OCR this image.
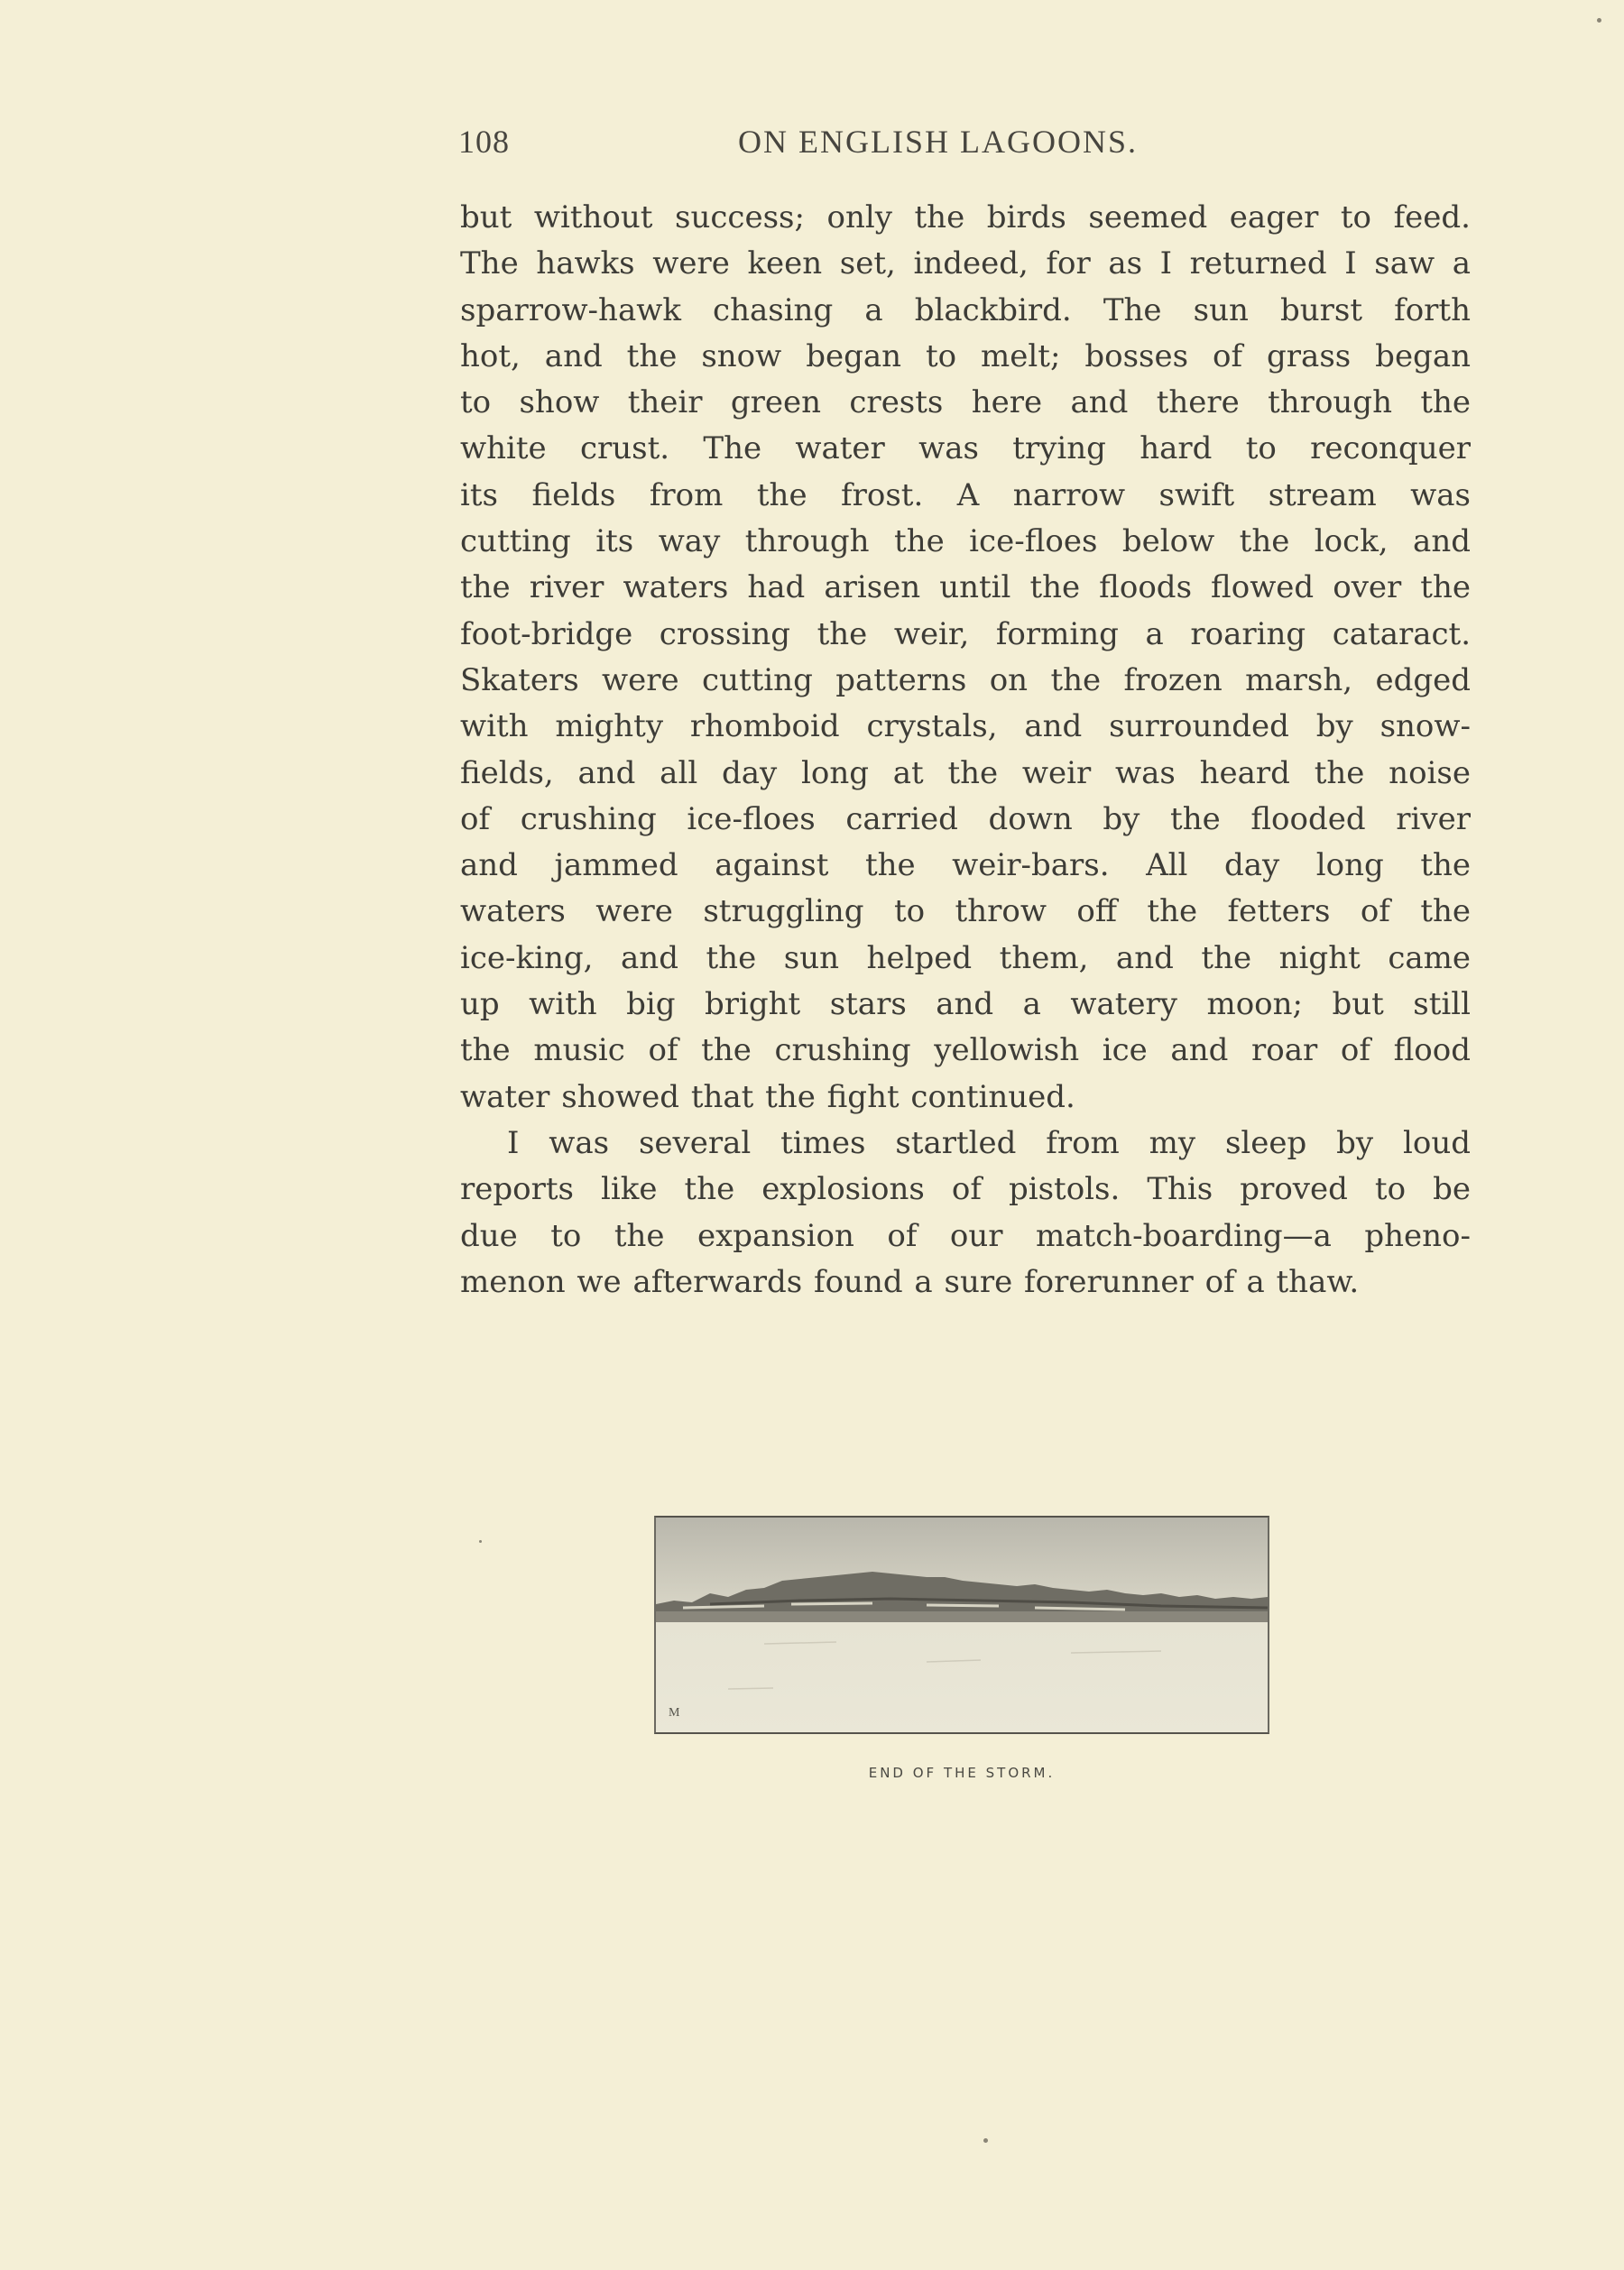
108	ON ENGLISH LAGOONS.
but without success; only the birds seemed eager to feed.
The hawks were keen set, indeed, for as I returned I saw a
sparrow-hawk chasing a blackbird. The sun burst forth
hot, and the snow began to melt; bosses of grass began
to show their green crests here and there through the
white crust. The water was trying hard to reconquer
its fields from the frost. A narrow swift stream was
cutting its way through the ice-floes below the lock, and
the river waters had arisen until the floods flowed over the
foot-bridge crossing the weir, forming a roaring cataract.
Skaters were cutting patterns on the frozen marsh, edged
with mighty rhomboid crystals, and surrounded by snow-
fields, and all day long at the weir was heard the noise
of crushing ice-floes carried down by the flooded river
and jammed against the weir-bars. All day long the
waters were struggling to throw off the fetters of the
ice-king, and the sun helped them, and the night came
up with big bright stars and a watery moon; but still
the music of the crushing yellowish ice and roar of flood
water showed that the fight continued.
I was several times startled from my sleep by loud
reports like the explosions of pistols. This proved to be
due to the expansion of our match-boarding—a pheno-
menon we afterwards found a sure forerunner of a thaw.
M
END OF THE STORM.
